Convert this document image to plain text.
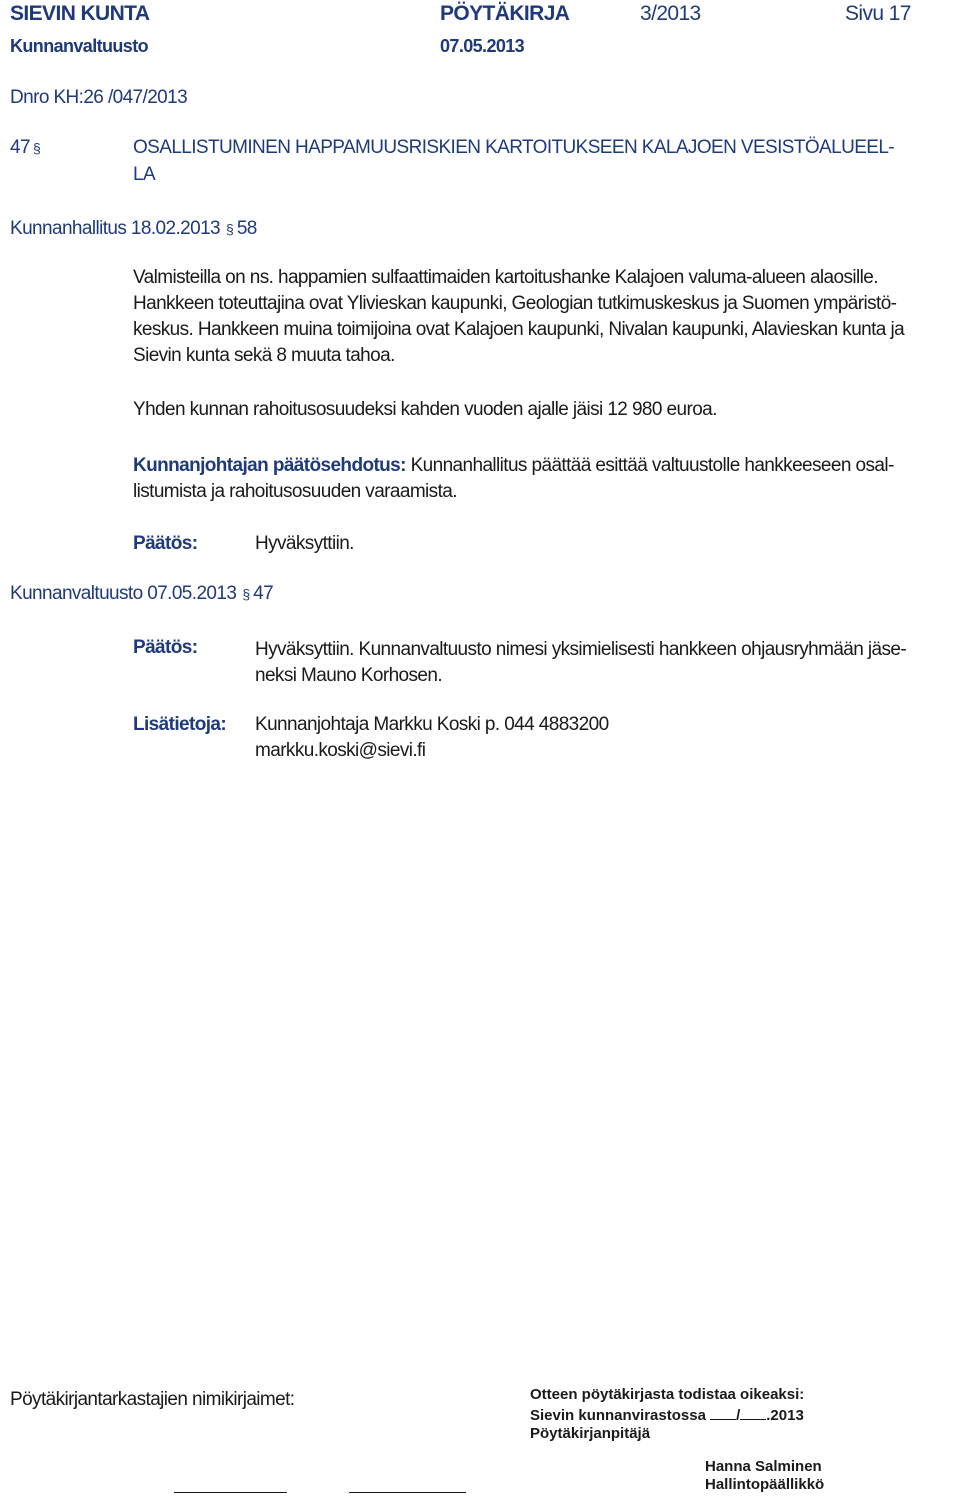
SIEVIN KUNTA	PÖYTÄKIRJA	3/2013	Sivu 17
Kunnanvaltuusto	07.05.2013
Dnro KH:26 /047/2013
47 §	OSALLISTUMINEN HAPPAMUUSRISKIEN KARTOITUKSEEN KALAJOEN VESISTÖALUEEL-
LA
Kunnanhallitus 18.02.2013 § 58
Valmisteilla on ns. happamien sulfaattimaiden kartoitushanke Kalajoen valuma-alueen alaosille. Hankkeen toteuttajina ovat Ylivieskan kaupunki, Geologian tutkimuskeskus ja Suomen ympäristö-keskus. Hankkeen muina toimijoina ovat Kalajoen kaupunki, Nivalan kaupunki, Alavieskan kunta ja Sievin kunta sekä 8 muuta tahoa.
Yhden kunnan rahoitusosuudeksi kahden vuoden ajalle jäisi 12 980 euroa.
Kunnanjohtajan päätösehdotus: Kunnanhallitus päättää esittää valtuustolle hankkeeseen osal-listumista ja rahoitusosuuden varaamista.
Päätös:	Hyväksyttiin.
Kunnanvaltuusto 07.05.2013 § 47
Päätös:	Hyväksyttiin. Kunnanvaltuusto nimesi yksimielisesti hankkeen ohjausryhmään jäse-neksi Mauno Korhosen.
Lisätietoja: Kunnanjohtaja Markku Koski p. 044 4883200
markku.koski@sievi.fi
Pöytäkirjantarkastajien nimikirjaimet:	Otteen pöytäkirjasta todistaa oikeaksi:
Sievin kunnanvirastossa / .2013
Pöytäkirjanpitäjä
Hanna Salminen
Hallintopäällikkö
